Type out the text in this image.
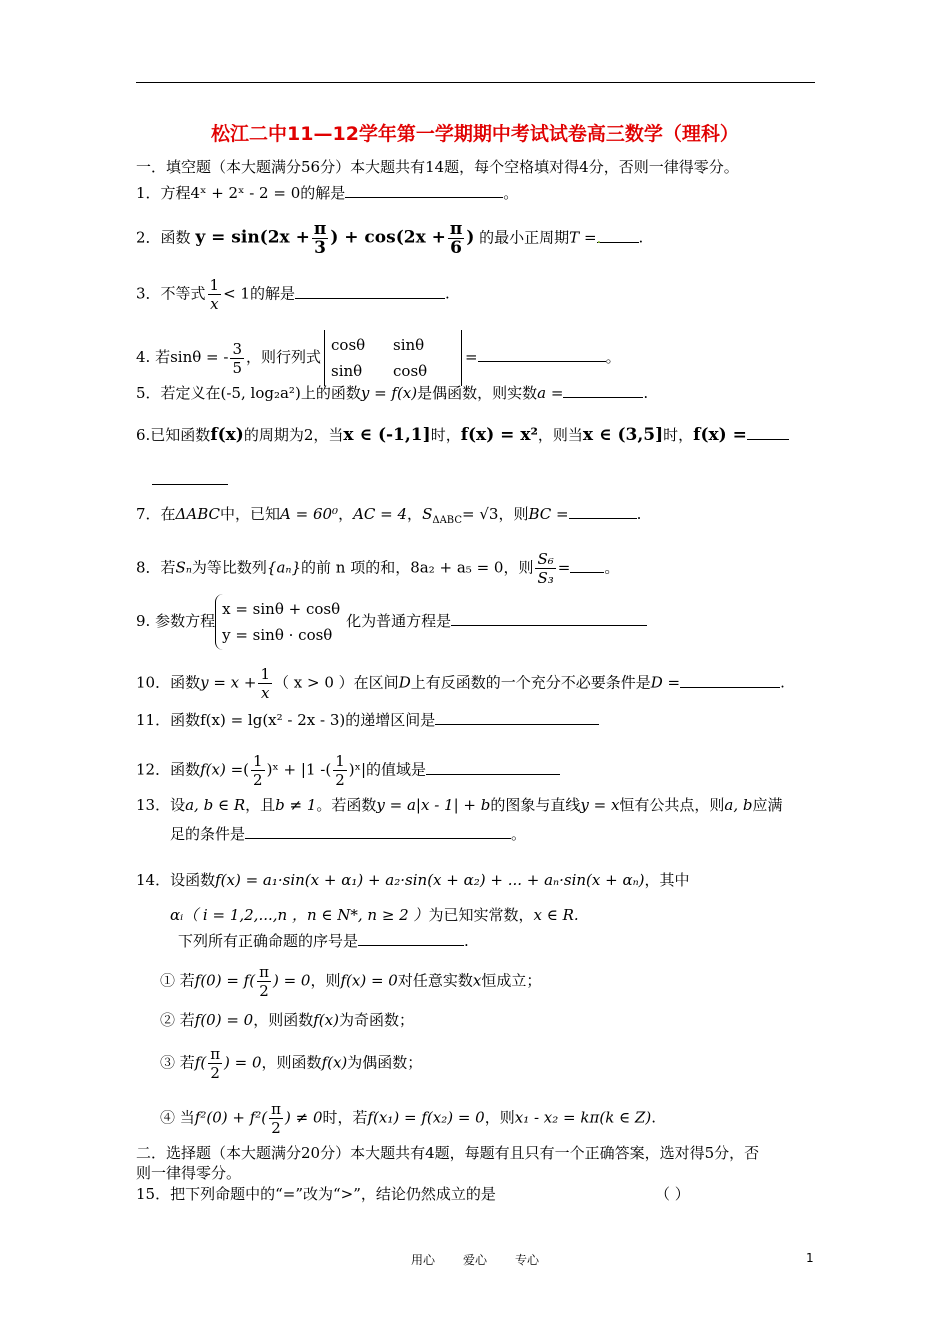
松江二中11—12学年第一学期期中考试试卷高三数学（理科）
一．填空题（本大题满分56分）本大题共有14题，每个空格填对得4分，否则一律得零分。
1．方程4ˣ + 2ˣ - 2 = 0的解是	。
2．函数 $y = \sin(2x + \frac{\pi}{3}$ ) + $\cos(2x + \frac{\pi}{6}$ ) 的最小正周期T =. .
3．不等式 $\frac{1}{x} < 1$的解是	.
4. 若sinθ = - $\frac{3}{5}$ ，则行列式
cosθ sinθ
sinθ cosθ
=	。
5．若定义在(-5, log₂a²)上的函数y = f(x)是偶函数，则实数a =	.
6.已知函数f(x)的周期为2，当x ∈ (-1,1]时，f(x) = x²，则当x ∈ (3,5]时，f(x) =
7．在ΔABC中，已知A = 60⁰，AC = 4，$S_{\Delta ABC}= √3$，则BC =	.
8．若Sₙ为等比数列{aₙ}的前 n 项的和，8a₂ + a₅ = 0，则 $\frac{\text{S₆}}{\text{S₃}}$ = 。
9. 参数方程
x = sinθ + cosθ
y = sinθ · cosθ
化为普通方程是
10．函数$y = x + \frac{1}{x}$ （ x > 0 ）在区间D上有反函数的一个充分不必要条件是D =	.
11．函数f(x) = lg(x² - 2x - 3)的递增区间是
12．函数f(x) =( $\frac{1}{2}$ )ˣ + |1 -( $\frac{1}{2}$ )ˣ|的值域是
13．设a, b ∈ R，且b ≠ 1。若函数y = a|x - 1| + b的图象与直线y = x恒有公共点，则a, b应满
足的条件是	。
14．设函数f(x) = a₁·sin(x + α₁) + a₂·sin(x + α₂) + ... + aₙ·sin(x + αₙ)，其中
αᵢ（ i = 1,2,...,n ，n ∈ N*, n ≥ 2 ）为已知实常数，x ∈ R.
下列所有正确命题的序号是	.
① 若$f(0) = f( \frac{\pi}{2}$ ) = 0，则f(x) = 0对任意实数x恒成立；
② 若f(0) = 0，则函数f(x)为奇函数；
③ 若$f( \frac{\pi}{2}$ ) = 0，则函数f(x)为偶函数；
④ 当$f^2(0) + f^2( \frac{\pi}{2}$ ) ≠ 0时，若f(x₁) = f(x₂) = 0，则x₁ - x₂ = kπ(k ∈ Z).
二．选择题（本大题满分20分）本大题共有4题，每题有且只有一个正确答案，选对得5分，否
则一律得零分。
15．把下列命题中的“=”改为“>”，结论仍然成立的是	（ ）
用心 爱心 专心	1
